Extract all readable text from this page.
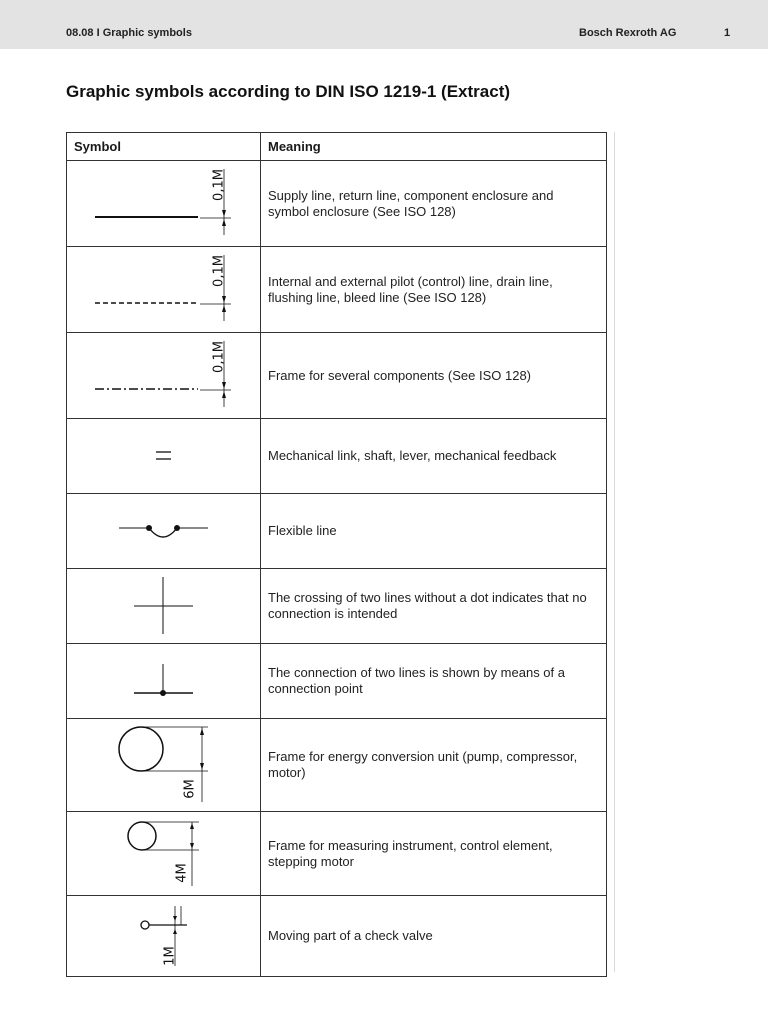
08.08 I Graphic symbols	Bosch Rexroth AG	1
Graphic symbols according to DIN ISO 1219-1 (Extract)
Symbol	Meaning

0,1M	Supply line, return line, component enclosure and symbol enclosure (See ISO 128)

0,1M	Internal and external pilot (control) line, drain line, flushing line, bleed line (See ISO 128)

0,1M	Frame for several components (See ISO 128)

	Mechanical link, shaft, lever, mechanical feedback

	Flexible line

	The crossing of two lines without a dot indicates that no connection is intended

	The connection of two lines is shown by means of a connection point

6M	Frame for energy conversion unit (pump, compressor, motor)

4M	Frame for measuring instrument, control element, stepping motor

1M	Moving part of a check valve
